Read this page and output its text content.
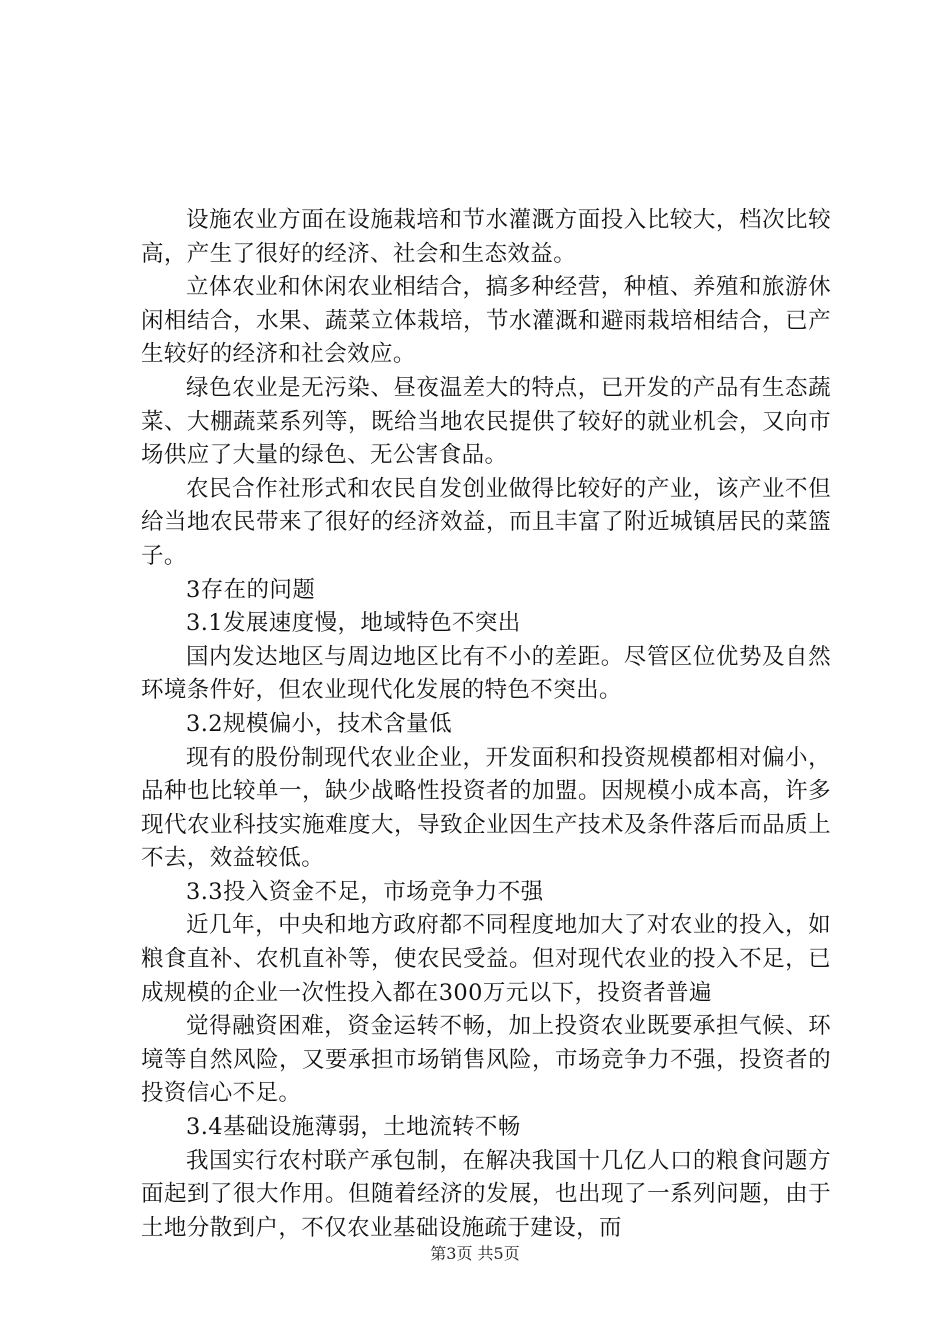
设施农业方面在设施栽培和节水灌溉方面投入比较大，档次比较高，产生了很好的经济、社会和生态效益。

立体农业和休闲农业相结合，搞多种经营，种植、养殖和旅游休闲相结合，水果、蔬菜立体栽培，节水灌溉和避雨栽培相结合，已产生较好的经济和社会效应。

绿色农业是无污染、昼夜温差大的特点，已开发的产品有生态蔬菜、大棚蔬菜系列等，既给当地农民提供了较好的就业机会，又向市场供应了大量的绿色、无公害食品。

农民合作社形式和农民自发创业做得比较好的产业，该产业不但给当地农民带来了很好的经济效益，而且丰富了附近城镇居民的菜篮子。

3存在的问题

3.1发展速度慢，地域特色不突出

国内发达地区与周边地区比有不小的差距。尽管区位优势及自然环境条件好，但农业现代化发展的特色不突出。

3.2规模偏小，技术含量低

现有的股份制现代农业企业，开发面积和投资规模都相对偏小，品种也比较单一，缺少战略性投资者的加盟。因规模小成本高，许多现代农业科技实施难度大，导致企业因生产技术及条件落后而品质上不去，效益较低。

3.3投入资金不足，市场竞争力不强

近几年，中央和地方政府都不同程度地加大了对农业的投入，如粮食直补、农机直补等，使农民受益。但对现代农业的投入不足，已成规模的企业一次性投入都在300万元以下，投资者普遍

觉得融资困难，资金运转不畅，加上投资农业既要承担气候、环境等自然风险，又要承担市场销售风险，市场竞争力不强，投资者的投资信心不足。

3.4基础设施薄弱，土地流转不畅

我国实行农村联产承包制，在解决我国十几亿人口的粮食问题方面起到了很大作用。但随着经济的发展，也出现了一系列问题，由于土地分散到户，不仅农业基础设施疏于建设，而

第3页 共5页
